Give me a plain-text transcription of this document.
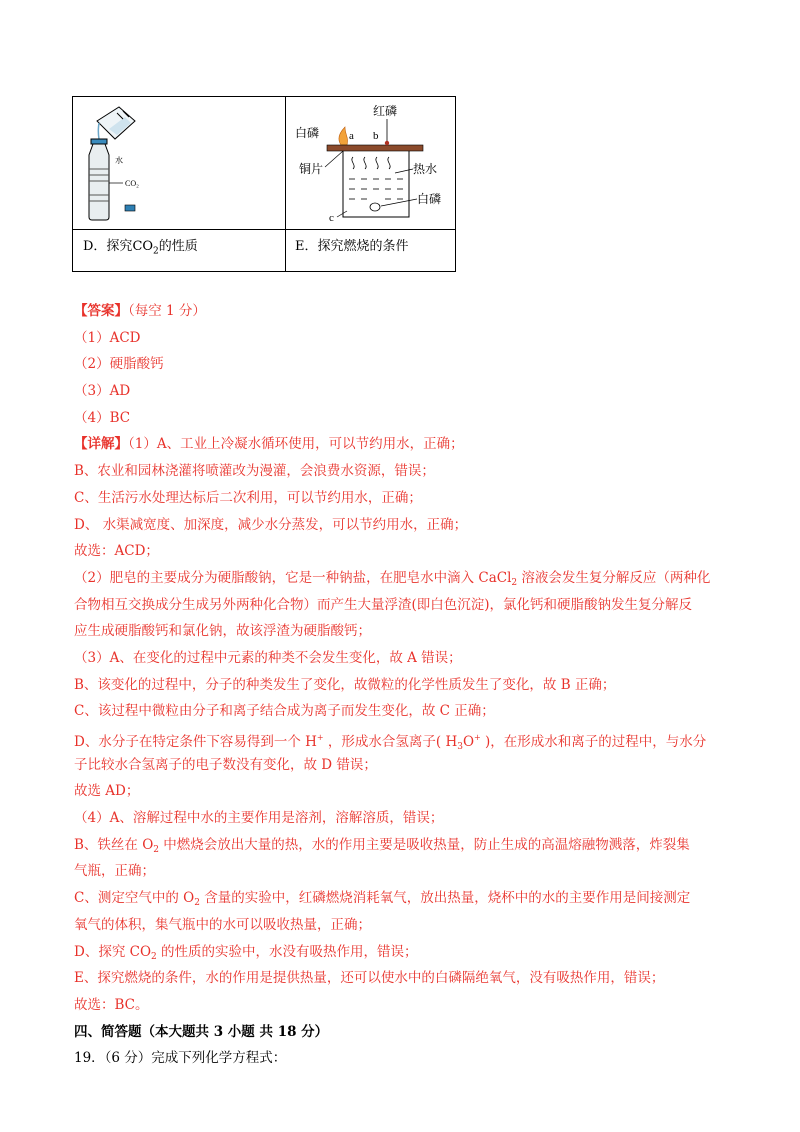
水
CO₂
红磷
白磷	a b
铜片	热水
白磷
c
D．探究$CO_2$的性质	E．探究燃烧的条件
【答案】（每空 1 分）
（1）ACD
（2）硬脂酸钙
（3）AD
（4）BC
【详解】（1）A、工业上冷凝水循环使用，可以节约用水，正确；
B、农业和园林浇灌将喷灌改为漫灌，会浪费水资源，错误；
C、生活污水处理达标后二次利用，可以节约用水，正确；
D、 水渠减宽度、加深度，减少水分蒸发，可以节约用水，正确；
故选：ACD；
（2）肥皂的主要成分为硬脂酸钠，它是一种钠盐，在肥皂水中滴入 CaCl$_2$ 溶液会发生复分解反应（两种化
合物相互交换成分生成另外两种化合物）而产生大量浮渣(即白色沉淀)，氯化钙和硬脂酸钠发生复分解反
应生成硬脂酸钙和氯化钠，故该浮渣为硬脂酸钙；
（3）A、在变化的过程中元素的种类不会发生变化，故 A 错误；
B、该变化的过程中，分子的种类发生了变化，故微粒的化学性质发生了变化，故 B 正确；
C、该过程中微粒由分子和离子结合成为离子而发生变化，故 C 正确；
D、水分子在特定条件下容易得到一个 H+ ，形成水合氢离子( $H_3O^+$ )，在形成水和离子的过程中，与水分
子比较水合氢离子的电子数没有变化，故 D 错误；
故选 AD；
（4）A、溶解过程中水的主要作用是溶剂，溶解溶质，错误；
B、铁丝在 $O_2$ 中燃烧会放出大量的热，水的作用主要是吸收热量，防止生成的高温熔融物溅落，炸裂集
气瓶，正确；
C、测定空气中的 $O_2$ 含量的实验中，红磷燃烧消耗氧气，放出热量，烧杯中的水的主要作用是间接测定
氧气的体积，集气瓶中的水可以吸收热量，正确；
D、探究 $CO_2$ 的性质的实验中，水没有吸热作用，错误；
E、探究燃烧的条件，水的作用是提供热量，还可以使水中的白磷隔绝氧气，没有吸热作用，错误；
故选：BC。
四、简答题（本大题共 3 小题 共 18 分）
19．（6 分）完成下列化学方程式：
